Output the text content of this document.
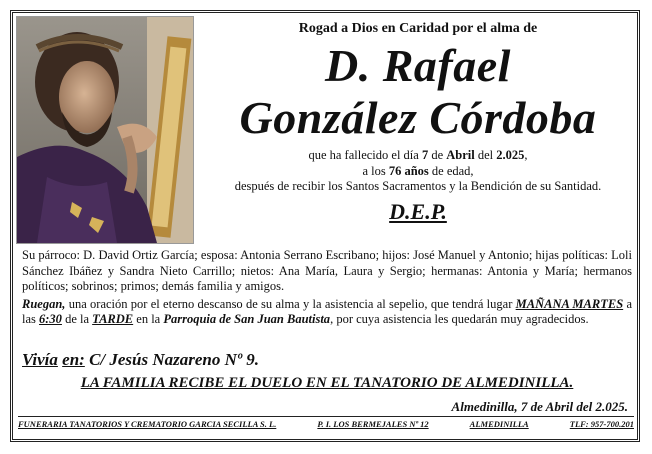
Rogad a Dios en Caridad por el alma de
D. Rafael
González Córdoba
que ha fallecido el día 7 de Abril del 2.025,
a los 76 años de edad,
después de recibir los Santos Sacramentos y la Bendición de su Santidad.
D.E.P.

Su párroco: D. David Ortiz García; esposa: Antonia Serrano Escribano; hijos: José Manuel y Antonio; hijas políticas: Loli Sánchez Ibáñez y Sandra Nieto Carrillo; nietos: Ana María, Laura y Sergio; hermanas: Antonia y María; hermanos políticos; sobrinos; primos; demás familia y amigos.

Ruegan, una oración por el eterno descanso de su alma y la asistencia al sepelio, que tendrá lugar MAÑANA MARTES a las 6:30 de la TARDE en la Parroquia de San Juan Bautista, por cuya asistencia les quedarán muy agradecidos.

Vivía en: C/ Jesús Nazareno Nº 9.
LA FAMILIA RECIBE EL DUELO EN EL TANATORIO DE ALMEDINILLA.
Almedinilla, 7 de Abril del 2.025.
FUNERARIA TANATORIOS Y CREMATORIO GARCIA SECILLA S. L.	P. I. LOS BERMEJALES Nº 12	ALMEDINILLA	TLF: 957-700.201
